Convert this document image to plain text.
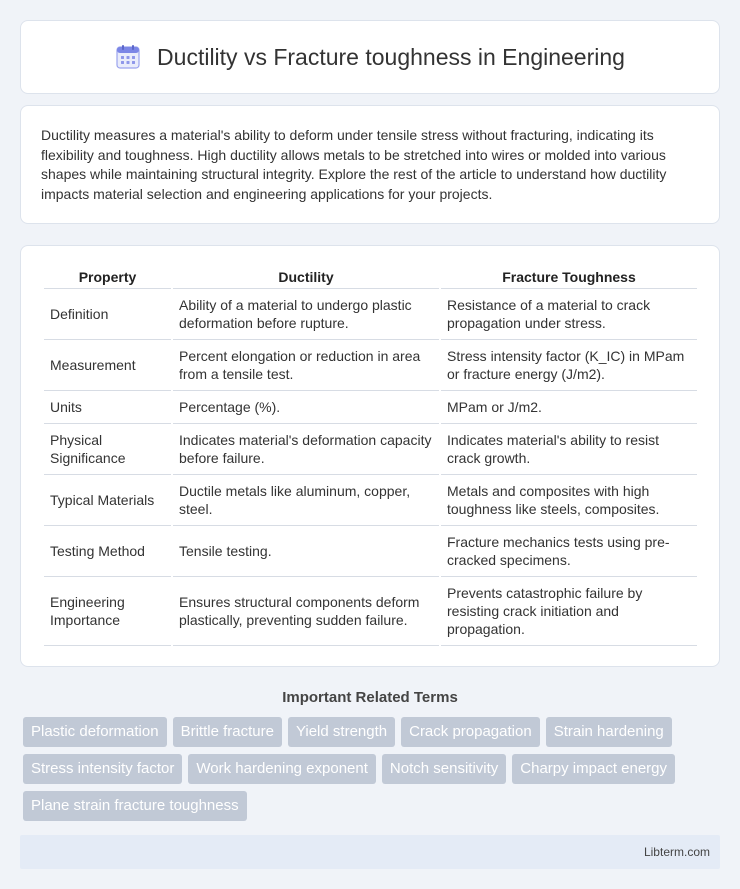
Ductility vs Fracture toughness in Engineering

Ductility measures a material's ability to deform under tensile stress without fracturing, indicating its flexibility and toughness. High ductility allows metals to be stretched into wires or molded into various shapes while maintaining structural integrity. Explore the rest of the article to understand how ductility impacts material selection and engineering applications for your projects.

Property	Ductility	Fracture Toughness
Definition	Ability of a material to undergo plastic deformation before rupture.	Resistance of a material to crack propagation under stress.
Measurement	Percent elongation or reduction in area from a tensile test.	Stress intensity factor (K_IC) in MPam or fracture energy (J/m2).
Units	Percentage (%).	MPam or J/m2.
Physical Significance	Indicates material's deformation capacity before failure.	Indicates material's ability to resist crack growth.
Typical Materials	Ductile metals like aluminum, copper, steel.	Metals and composites with high toughness like steels, composites.
Testing Method	Tensile testing.	Fracture mechanics tests using pre-cracked specimens.
Engineering Importance	Ensures structural components deform plastically, preventing sudden failure.	Prevents catastrophic failure by resisting crack initiation and propagation.
Important Related Terms
Plastic deformation	Brittle fracture	Yield strength	Crack propagation	Strain hardening
Stress intensity factor	Work hardening exponent	Notch sensitivity	Charpy impact energy
Plane strain fracture toughness
Libterm.com
